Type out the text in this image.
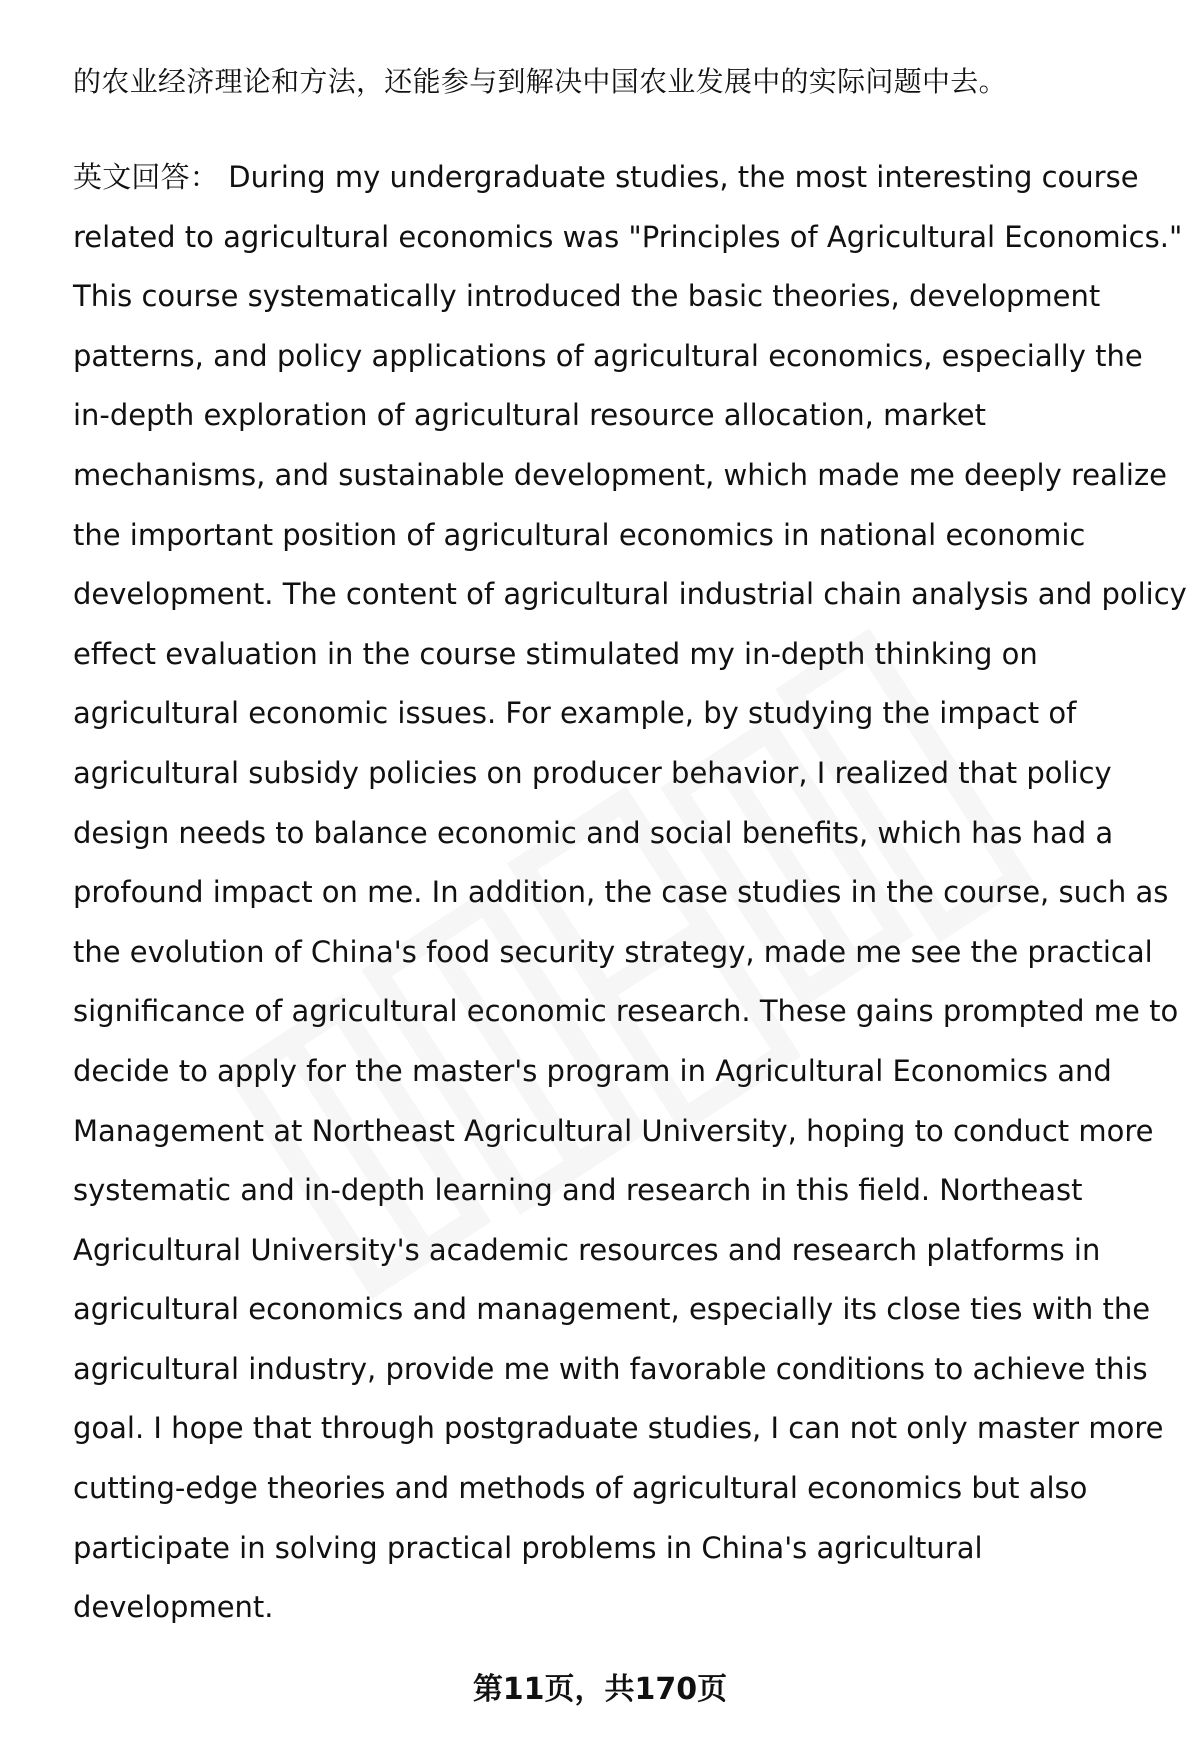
的农业经济理论和方法，还能参与到解决中国农业发展中的实际问题中去。

英文回答： During my undergraduate studies, the most interesting course
related to agricultural economics was "Principles of Agricultural Economics."
This course systematically introduced the basic theories, development
patterns, and policy applications of agricultural economics, especially the
in-depth exploration of agricultural resource allocation, market
mechanisms, and sustainable development, which made me deeply realize
the important position of agricultural economics in national economic
development. The content of agricultural industrial chain analysis and policy
effect evaluation in the course stimulated my in-depth thinking on
agricultural economic issues. For example, by studying the impact of
agricultural subsidy policies on producer behavior, I realized that policy
design needs to balance economic and social benefits, which has had a
profound impact on me. In addition, the case studies in the course, such as
the evolution of China's food security strategy, made me see the practical
significance of agricultural economic research. These gains prompted me to
decide to apply for the master's program in Agricultural Economics and
Management at Northeast Agricultural University, hoping to conduct more
systematic and in-depth learning and research in this field. Northeast
Agricultural University's academic resources and research platforms in
agricultural economics and management, especially its close ties with the
agricultural industry, provide me with favorable conditions to achieve this
goal. I hope that through postgraduate studies, I can not only master more
cutting-edge theories and methods of agricultural economics but also
participate in solving practical problems in China's agricultural
development.
第11页，共170页
